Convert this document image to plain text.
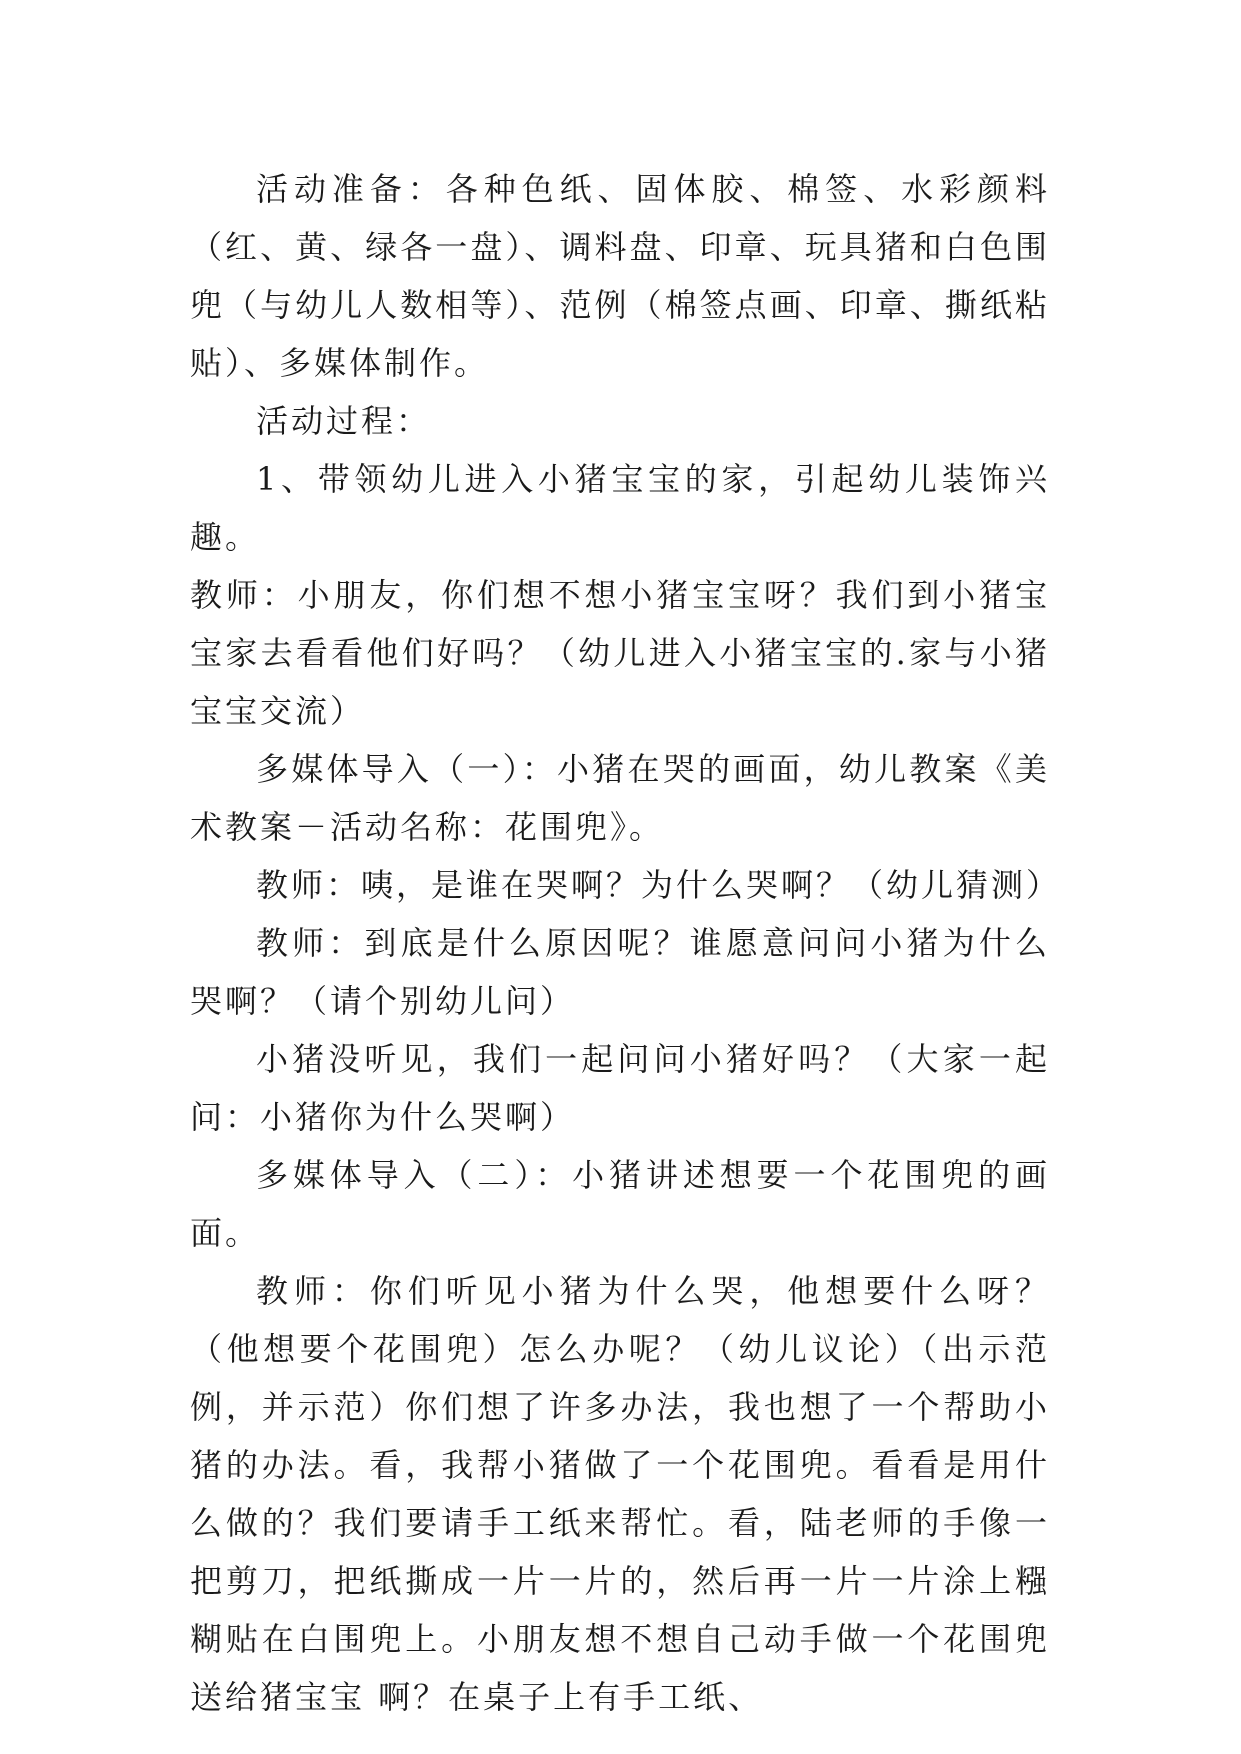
活动准备：各种色纸、固体胶、棉签、水彩颜料（红、黄、绿各一盘）、调料盘、印章、玩具猪和白色围兜（与幼儿人数相等）、范例（棉签点画、印章、撕纸粘贴）、多媒体制作。

活动过程：

1、带领幼儿进入小猪宝宝的家，引起幼儿装饰兴趣。

教师：小朋友，你们想不想小猪宝宝呀？我们到小猪宝宝家去看看他们好吗？（幼儿进入小猪宝宝的.家与小猪宝宝交流）

多媒体导入（一）：小猪在哭的画面，幼儿教案《美术教案－活动名称：花围兜》。

教师：咦，是谁在哭啊？为什么哭啊？（幼儿猜测）

教师：到底是什么原因呢？谁愿意问问小猪为什么哭啊？（请个别幼儿问）

小猪没听见，我们一起问问小猪好吗？（大家一起问：小猪你为什么哭啊）

多媒体导入（二）：小猪讲述想要一个花围兜的画面。

教师：你们听见小猪为什么哭，他想要什么呀？（他想要个花围兜）怎么办呢？（幼儿议论）（出示范例，并示范）你们想了许多办法，我也想了一个帮助小猪的办法。看，我帮小猪做了一个花围兜。看看是用什么做的？我们要请手工纸来帮忙。看，陆老师的手像一把剪刀，把纸撕成一片一片的，然后再一片一片涂上糨糊贴在白围兜上。小朋友想不想自己动手做一个花围兜送给猪宝宝 啊？在桌子上有手工纸、
